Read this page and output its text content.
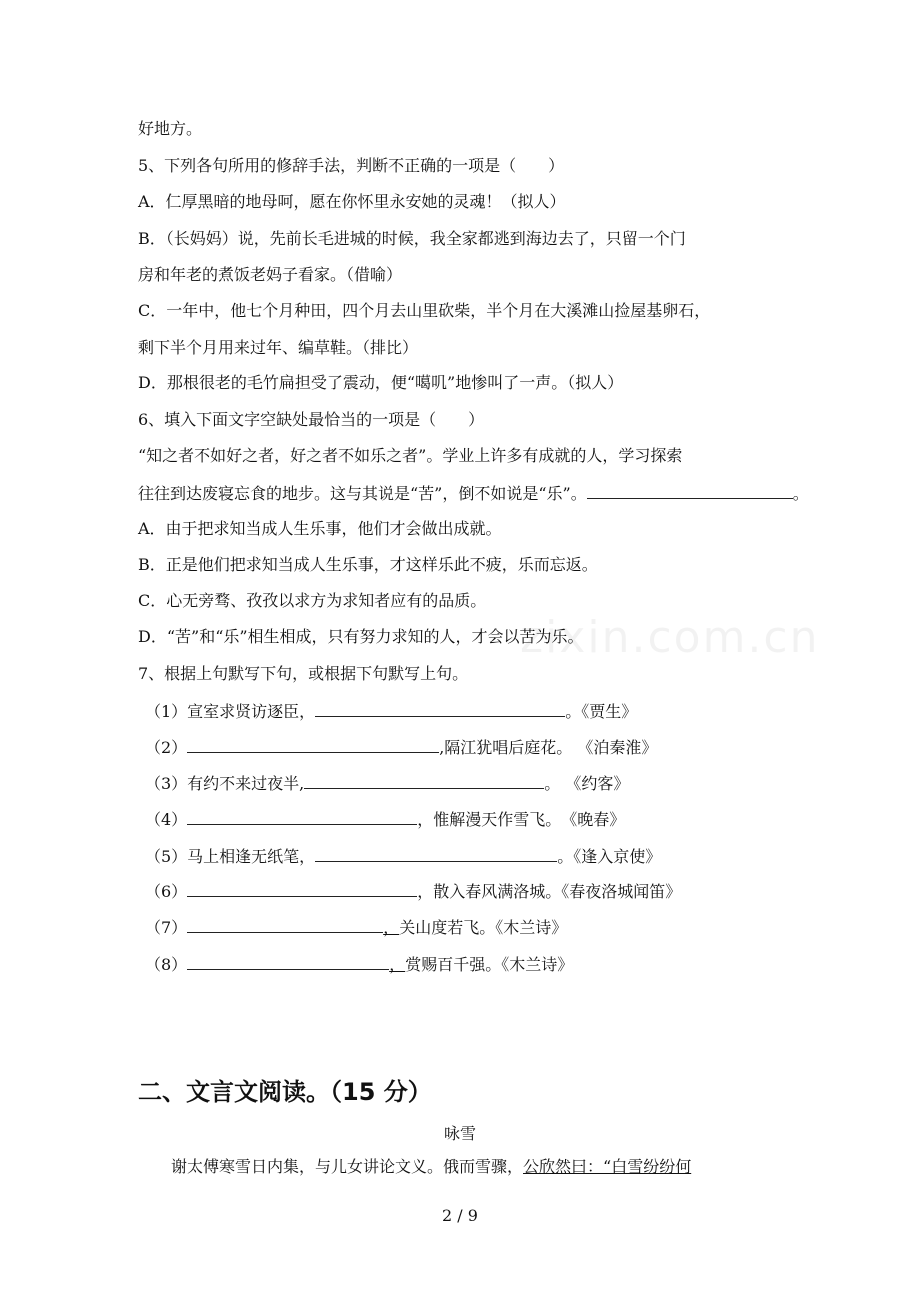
好地方。
5、下列各句所用的修辞手法，判断不正确的一项是（　　）
A．仁厚黑暗的地母呵，愿在你怀里永安她的灵魂！（拟人）
B．（长妈妈）说，先前长毛进城的时候，我全家都逃到海边去了，只留一个门
房和年老的煮饭老妈子看家。（借喻）
C．一年中，他七个月种田，四个月去山里砍柴，半个月在大溪滩山捡屋基卵石，
剩下半个月用来过年、编草鞋。（排比）
D．那根很老的毛竹扁担受了震动，便“噶叽”地惨叫了一声。（拟人）
6、填入下面文字空缺处最恰当的一项是（　　）
“知之者不如好之者，好之者不如乐之者”。学业上许多有成就的人，学习探索
往往到达废寝忘食的地步。这与其说是“苦”，倒不如说是“乐”。	。
A．由于把求知当成人生乐事，他们才会做出成就。
B．正是他们把求知当成人生乐事，才这样乐此不疲，乐而忘返。
C．心无旁骛、孜孜以求方为求知者应有的品质。
D．“苦”和“乐”相生相成，只有努力求知的人，才会以苦为乐。
7、根据上句默写下句，或根据下句默写上句。
zixin.com.cn
（1）宣室求贤访逐臣，	。《贾生》
（2）	,隔江犹唱后庭花。 《泊秦淮》
（3）有约不来过夜半,	。 《约客》
（4）	，惟解漫天作雪飞。　《晚春》
（5）马上相逢无纸笔，	。《逢入京使》
（6）	，散入春风满洛城。《春夜洛城闻笛》
（7）	，关山度若飞。《木兰诗》
（8）	，赏赐百千强。《木兰诗》
二、文言文阅读。（15 分）
咏雪
　谢太傅寒雪日内集，与儿女讲论文义。俄而雪骤，公欣然曰：“白雪纷纷何
2 / 9
